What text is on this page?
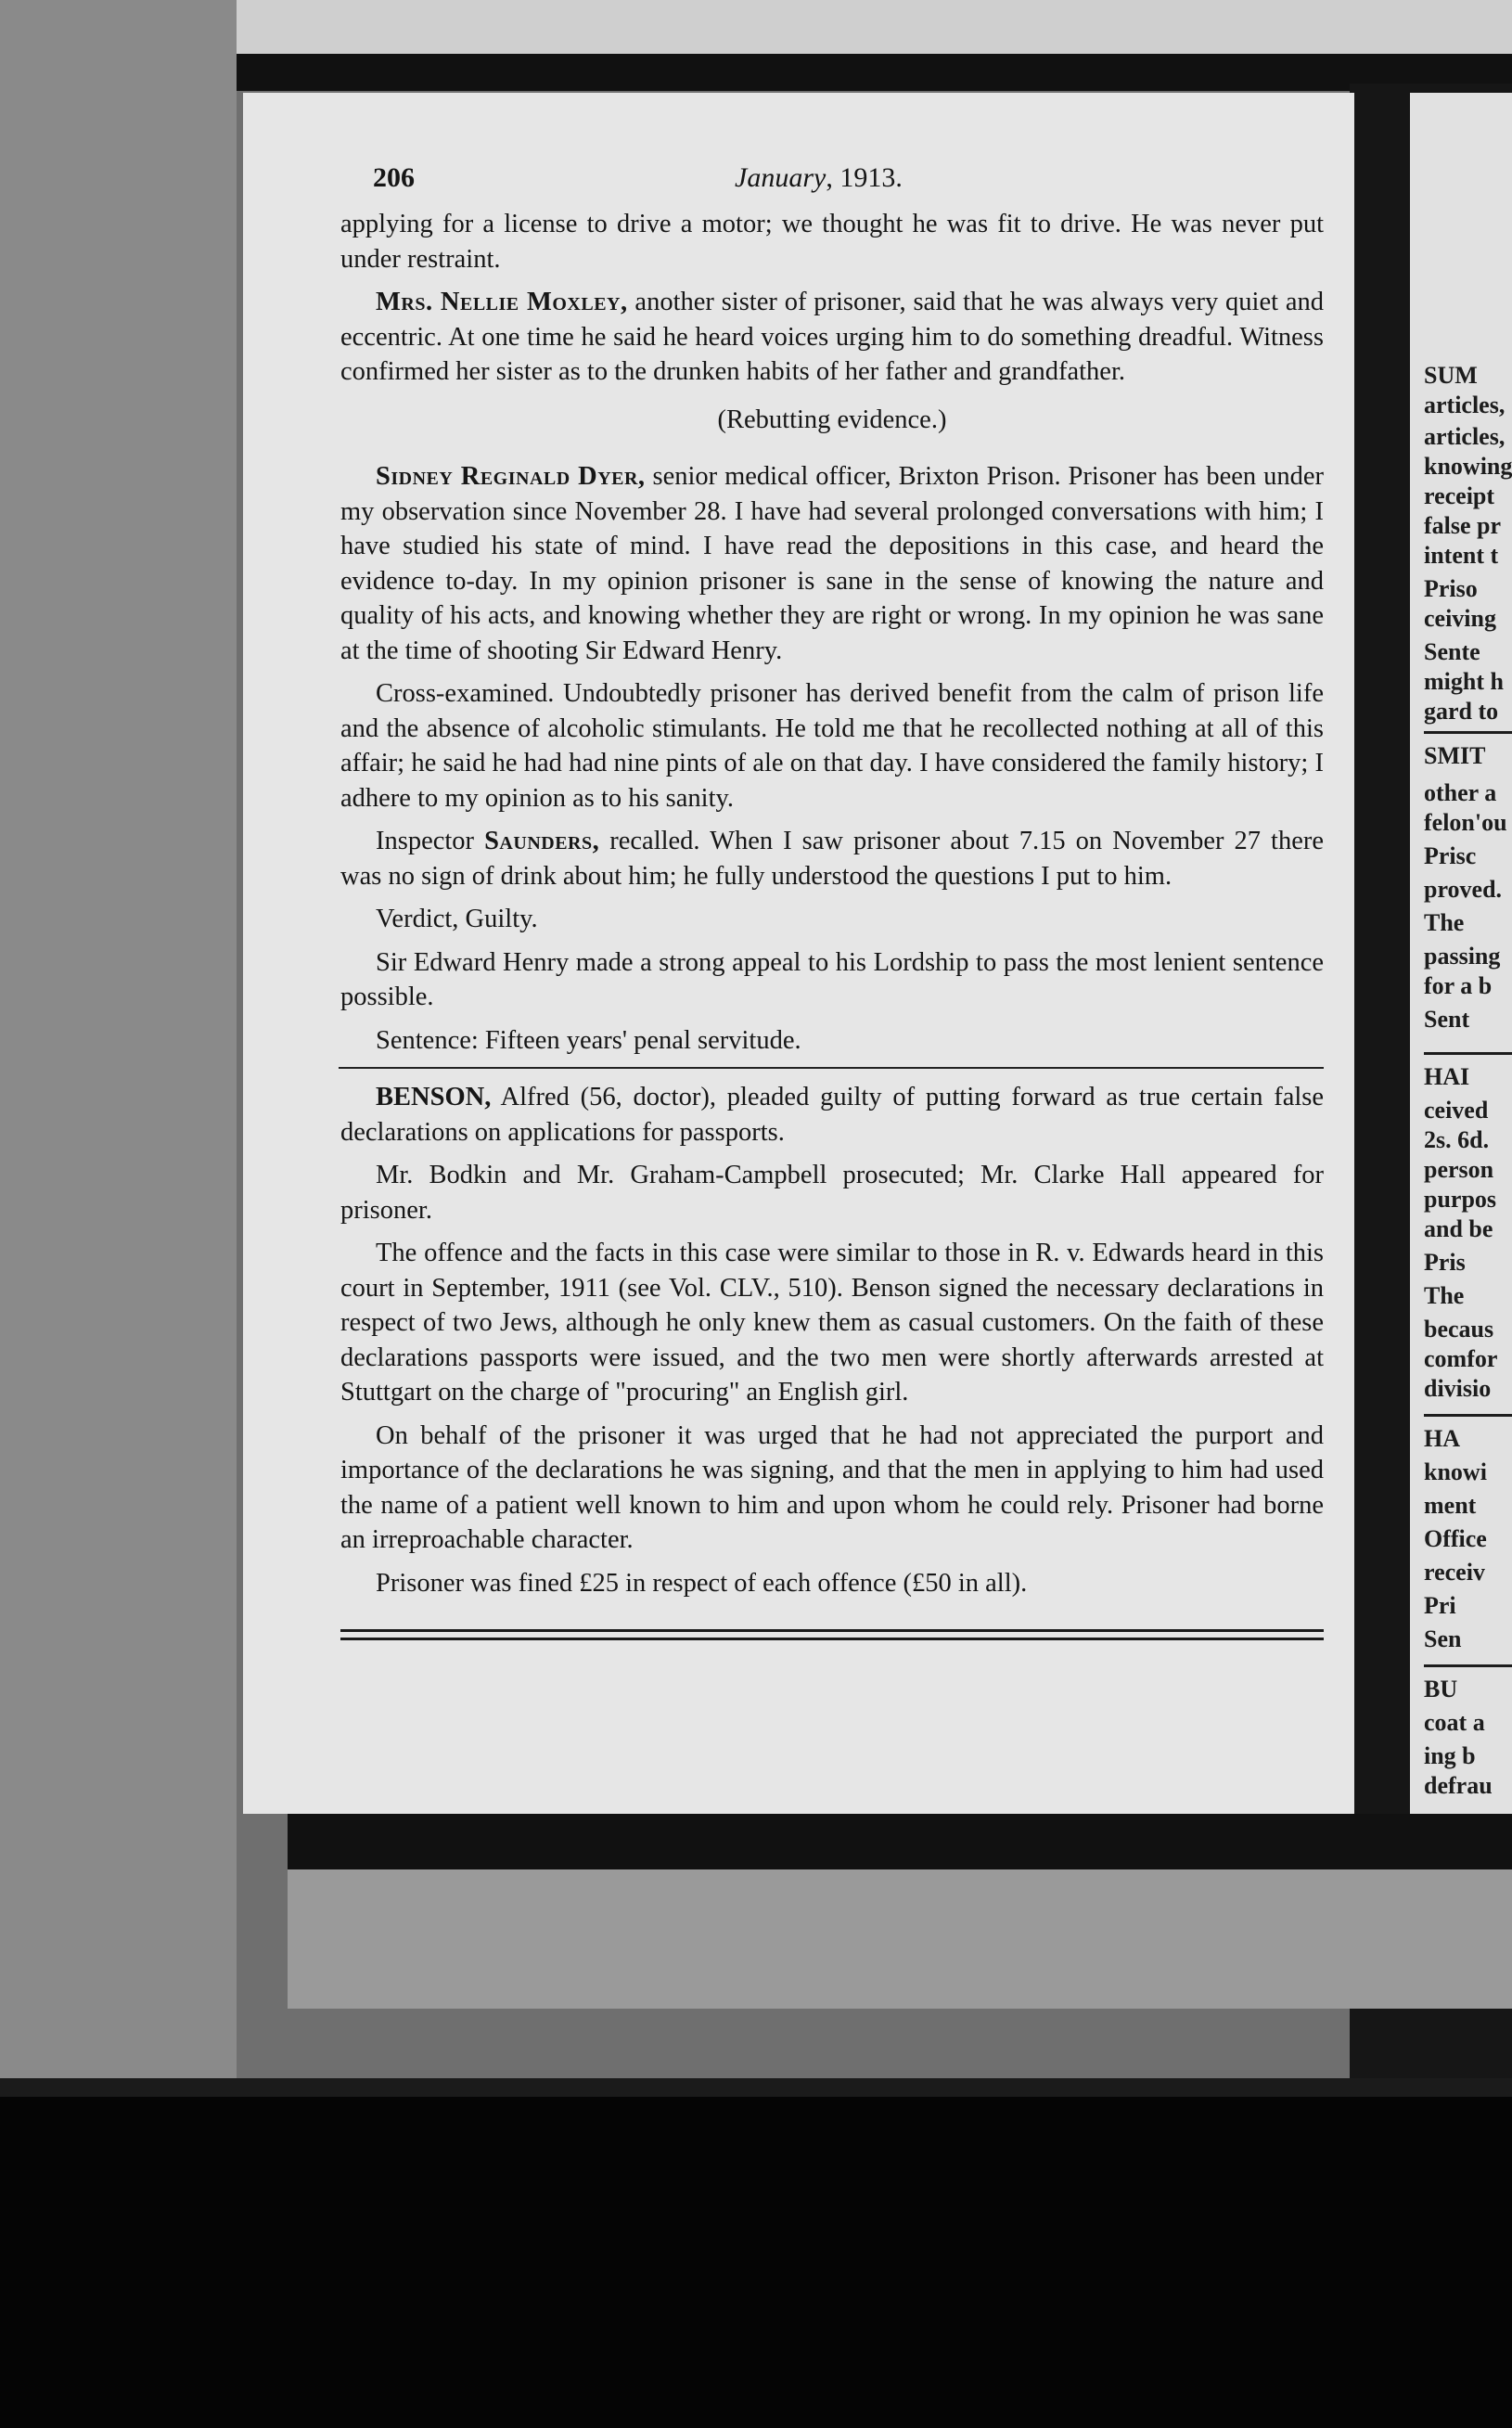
SUM
articles,
articles,
knowing
receipt
false pr
intent t
Priso
ceiving
Sente
might h
gard to
SMIT
other a
felon'ou
Prisc
proved.
The
passing
for a b
Sent
HAI
ceived
2s. 6d.
person
purpos
and be
Pris
The
becaus
comfor
divisio
HA
knowi
ment
Office
receiv
Pri
Sen
BU
coat a
ing b
defrau
206	January, 1913.

applying for a license to drive a motor; we thought he was fit to drive. He was never put under restraint.

Mrs. Nellie Moxley, another sister of prisoner, said that he was always very quiet and eccentric. At one time he said he heard voices urging him to do something dreadful. Witness confirmed her sister as to the drunken habits of her father and grandfather.

(Rebutting evidence.)

Sidney Reginald Dyer, senior medical officer, Brixton Prison. Prisoner has been under my observation since November 28. I have had several prolonged conversations with him; I have studied his state of mind. I have read the depositions in this case, and heard the evidence to-day. In my opinion prisoner is sane in the sense of knowing the nature and quality of his acts, and knowing whether they are right or wrong. In my opinion he was sane at the time of shooting Sir Edward Henry.

Cross-examined. Undoubtedly prisoner has derived benefit from the calm of prison life and the absence of alcoholic stimulants. He told me that he recollected nothing at all of this affair; he said he had had nine pints of ale on that day. I have considered the family history; I adhere to my opinion as to his sanity.

Inspector Saunders, recalled. When I saw prisoner about 7.15 on November 27 there was no sign of drink about him; he fully understood the questions I put to him.

Verdict, Guilty.

Sir Edward Henry made a strong appeal to his Lordship to pass the most lenient sentence possible.

Sentence: Fifteen years' penal servitude.

BENSON, Alfred (56, doctor), pleaded guilty of putting forward as true certain false declarations on applications for passports.

Mr. Bodkin and Mr. Graham-Campbell prosecuted; Mr. Clarke Hall appeared for prisoner.

The offence and the facts in this case were similar to those in R. v. Edwards heard in this court in September, 1911 (see Vol. CLV., 510). Benson signed the necessary declarations in respect of two Jews, although he only knew them as casual customers. On the faith of these declarations passports were issued, and the two men were shortly afterwards arrested at Stuttgart on the charge of "procuring" an English girl.

On behalf of the prisoner it was urged that he had not appreciated the purport and importance of the declarations he was signing, and that the men in applying to him had used the name of a patient well known to him and upon whom he could rely. Prisoner had borne an irreproachable character.

Prisoner was fined £25 in respect of each offence (£50 in all).
